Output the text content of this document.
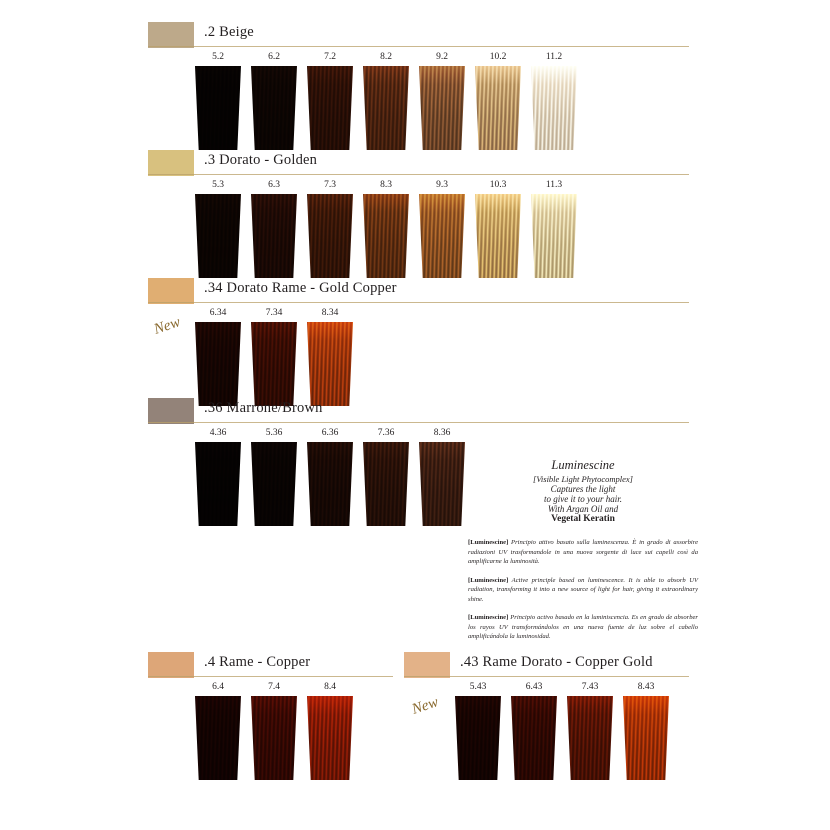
.2 Beige
5.2	6.2	7.2	8.2	9.2	10.2	11.2
.3 Dorato - Golden
5.3	6.3	7.3	8.3	9.3	10.3	11.3
.34 Dorato Rame - Gold Copper
6.34	7.34	8.34
New
.36 Marrone/Brown
4.36	5.36	6.36	7.36	8.36
Luminescine
[Visible Light Phytocomplex]
Captures the light
to give it to your hair.
With Argan Oil and
Vegetal Keratin

[Luminescine] Principio attivo basato sulla luminescenza. È in grado di assorbire radiazioni UV trasformandole in una nuova sorgente di luce sui capelli così da amplificarne la luminosità.

[Luminescine] Active principle based on luminescence. It is able to absorb UV radiation, transforming it into a new source of light for hair, giving it extraordinary shine.

[Luminescine] Principio activo basado en la luminiscencia. Es en grado de absorber los rayos UV transformándolos en una nueva fuente de luz sobre el cabello amplificándola la luminosidad.

.4 Rame - Copper
6.4	7.4	8.4
.43 Rame Dorato - Copper Gold
5.43	6.43	7.43	8.43
New
